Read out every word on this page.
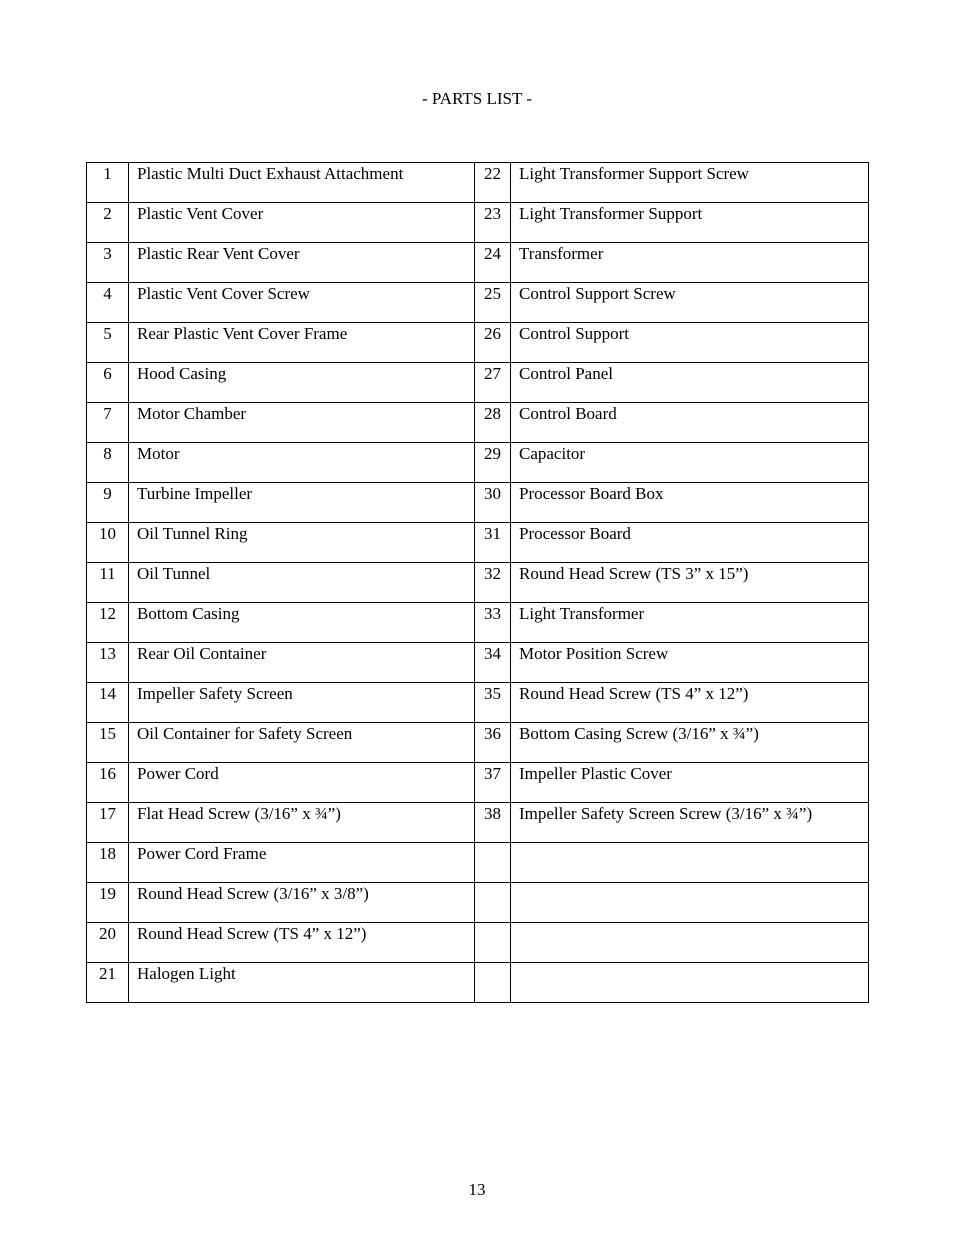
- PARTS LIST -
1	Plastic Multi Duct Exhaust Attachment	22	Light Transformer Support Screw
2	Plastic Vent Cover	23	Light Transformer Support
3	Plastic Rear Vent Cover	24	Transformer
4	Plastic Vent Cover Screw	25	Control Support Screw
5	Rear Plastic Vent Cover Frame	26	Control Support
6	Hood Casing	27	Control Panel
7	Motor Chamber	28	Control Board
8	Motor	29	Capacitor
9	Turbine Impeller	30	Processor Board Box
10	Oil Tunnel Ring	31	Processor Board
11	Oil Tunnel	32	Round Head Screw (TS 3” x 15”)
12	Bottom Casing	33	Light Transformer
13	Rear Oil Container	34	Motor Position Screw
14	Impeller Safety Screen	35	Round Head Screw (TS 4” x 12”)
15	Oil Container for Safety Screen	36	Bottom Casing Screw (3/16” x ¾”)
16	Power Cord	37	Impeller Plastic Cover
17	Flat Head Screw (3/16” x ¾”)	38	Impeller Safety Screen Screw (3/16” x ¾”)
18	Power Cord Frame		
19	Round Head Screw (3/16” x 3/8”)		
20	Round Head Screw (TS 4” x 12”)		
21	Halogen Light		
13
